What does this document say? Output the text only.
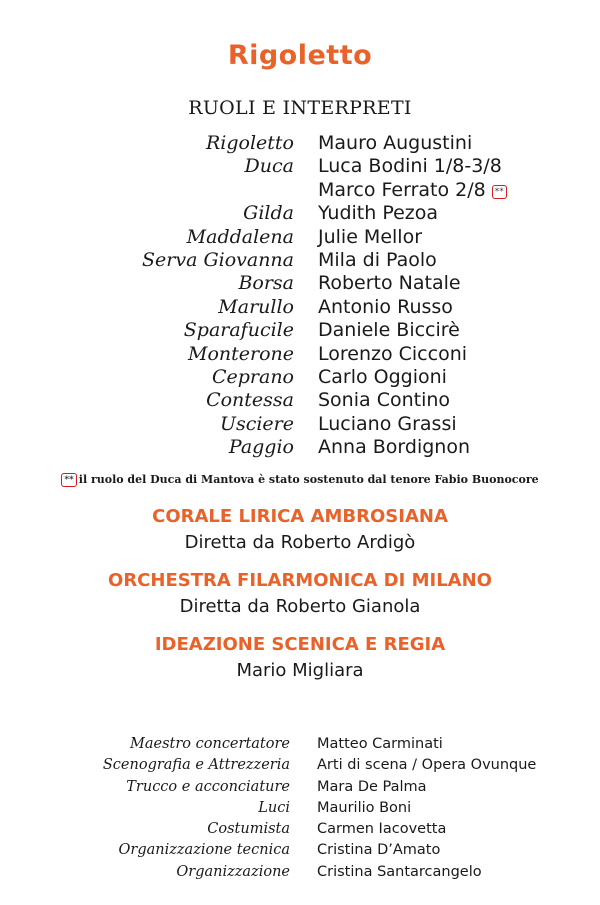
Rigoletto
RUOLI E INTERPRETI
Rigoletto Mauro Augustini
Duca Luca Bodini 1/8-3/8
Marco Ferrato 2/8 **
Gilda Yudith Pezoa
Maddalena Julie Mellor
Serva Giovanna Mila di Paolo
Borsa Roberto Natale
Marullo Antonio Russo
Sparafucile Daniele Biccirè
Monterone Lorenzo Cicconi
Ceprano Carlo Oggioni
Contessa Sonia Contino
Usciere Luciano Grassi
Paggio Anna Bordignon
** il ruolo del Duca di Mantova è stato sostenuto dal tenore Fabio Buonocore
CORALE LIRICA AMBROSIANA
Diretta da Roberto Ardigò
ORCHESTRA FILARMONICA DI MILANO
Diretta da Roberto Gianola
IDEAZIONE SCENICA E REGIA
Mario Migliara
Maestro concertatore Matteo Carminati
Scenografia e Attrezzeria Arti di scena / Opera Ovunque
Trucco e acconciature Mara De Palma
Luci Maurilio Boni
Costumista Carmen Iacovetta
Organizzazione tecnica Cristina D’Amato
Organizzazione Cristina Santarcangelo
